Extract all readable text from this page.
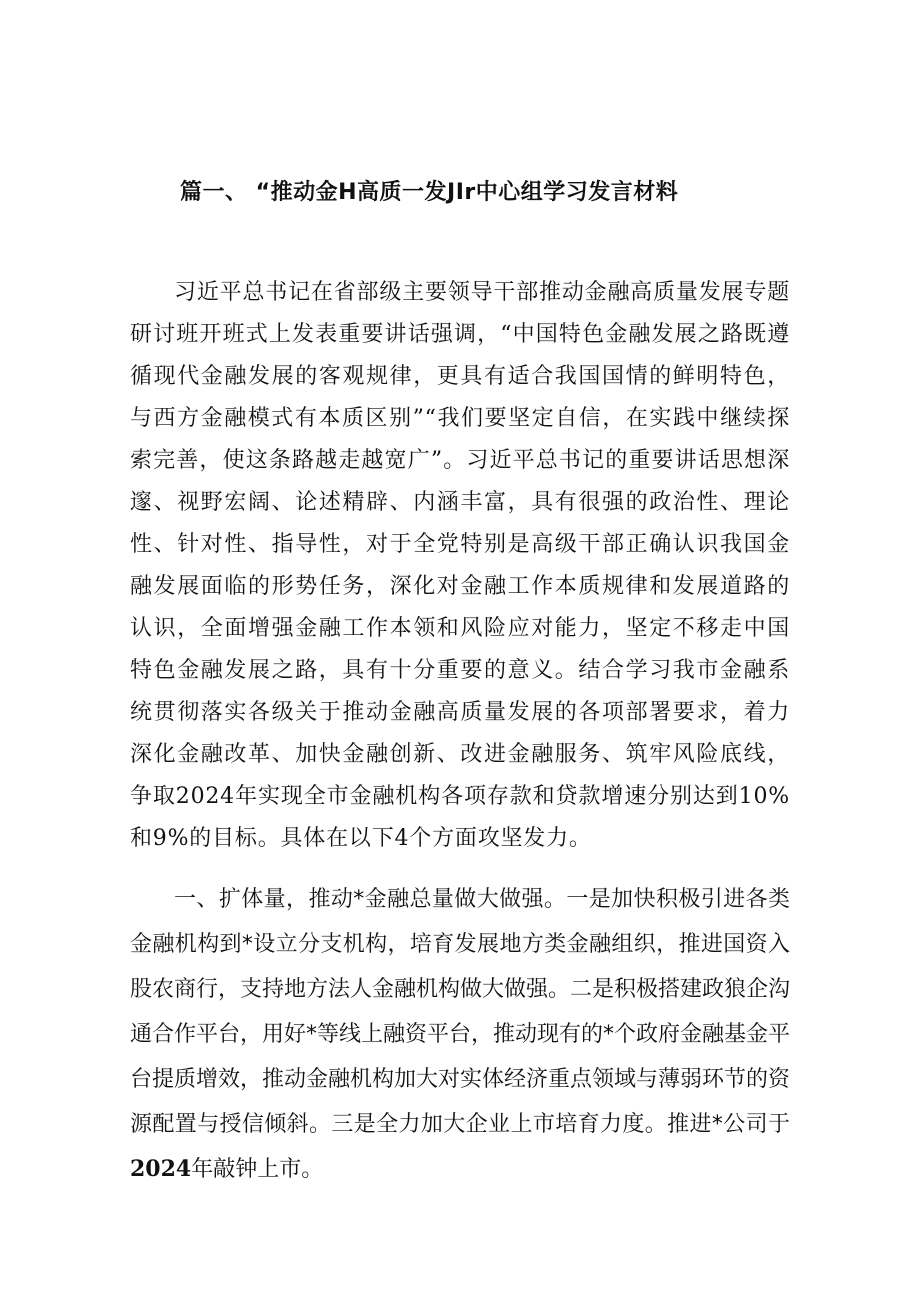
篇一、 “推动金H高质一发JIr中心组学习发言材料

习近平总书记在省部级主要领导干部推动金融高质量发展专题研讨班开班式上发表重要讲话强调，“中国特色金融发展之路既遵循现代金融发展的客观规律，更具有适合我国国情的鲜明特色，与西方金融模式有本质区别”“我们要坚定自信，在实践中继续探索完善，使这条路越走越宽广”。习近平总书记的重要讲话思想深邃、视野宏阔、论述精辟、内涵丰富，具有很强的政治性、理论性、针对性、指导性，对于全党特别是高级干部正确认识我国金融发展面临的形势任务，深化对金融工作本质规律和发展道路的认识，全面增强金融工作本领和风险应对能力，坚定不移走中国特色金融发展之路，具有十分重要的意义。结合学习我市金融系统贯彻落实各级关于推动金融高质量发展的各项部署要求，着力深化金融改革、加快金融创新、改进金融服务、筑牢风险底线，争取2024年实现全市金融机构各项存款和贷款增速分别达到10%和9%的目标。具体在以下4个方面攻坚发力。

一、扩体量，推动*金融总量做大做强。一是加快积极引进各类金融机构到*设立分支机构，培育发展地方类金融组织，推进国资入股农商行，支持地方法人金融机构做大做强。二是积极搭建政狼企沟通合作平台，用好*等线上融资平台，推动现有的*个政府金融基金平台提质增效，推动金融机构加大对实体经济重点领域与薄弱环节的资源配置与授信倾斜。三是全力加大企业上市培育力度。推进*公司于2024年敲钟上市。
